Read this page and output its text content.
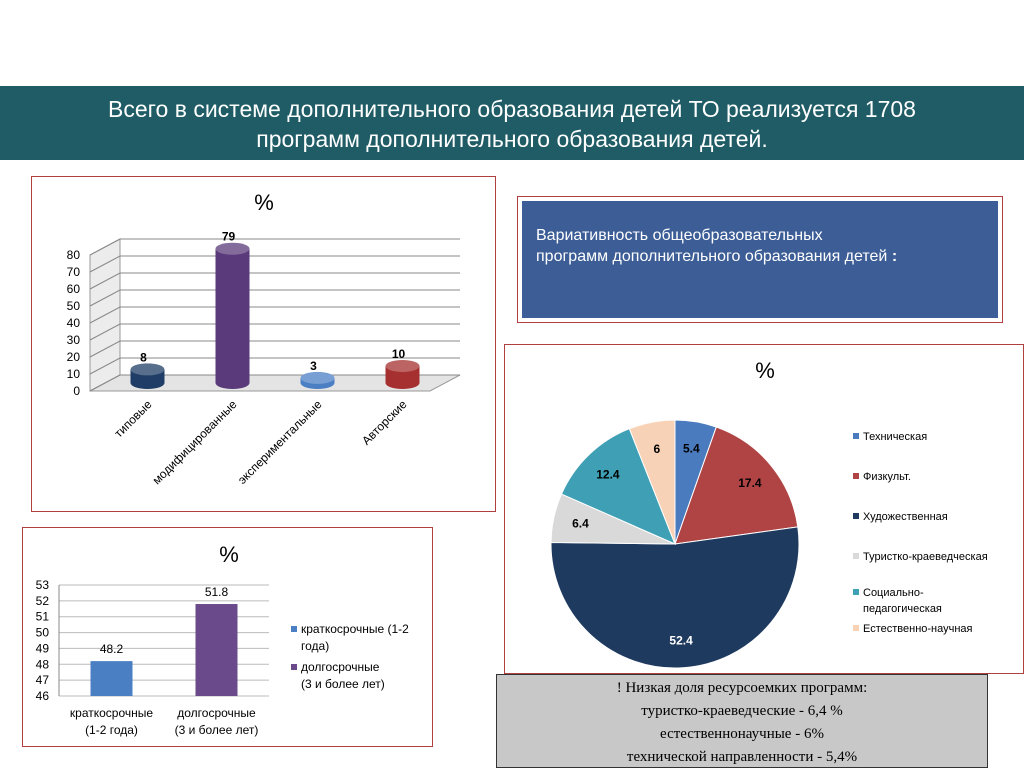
Всего в системе дополнительного образования детей ТО реализуется 1708
программ дополнительного образования детей.
%
0
10
20
30
40
50
60
70
80
8
типовые
79
модифицированные
3
экспериментальные
10
Авторские
Вариативность общеобразовательных
программ дополнительного образования детей :
%
5.4
17.4
52.4
6.4
12.4
6
Техническая
Физкульт.
Художественная
Туристко-краеведческая
Социально-
педагогическая
Естественно-научная
%
46
47
48
49
50
51
52
53
48.2
краткосрочные
(1-2 года)
51.8
долгосрочные
(3 и более лет)
краткосрочные (1-2
года)
долгосрочные
(3 и более лет)	! Низкая доля ресурсоемких программ:
туристко-краеведческие - 6,4 %
естественнонаучные - 6%
технической направленности - 5,4%
